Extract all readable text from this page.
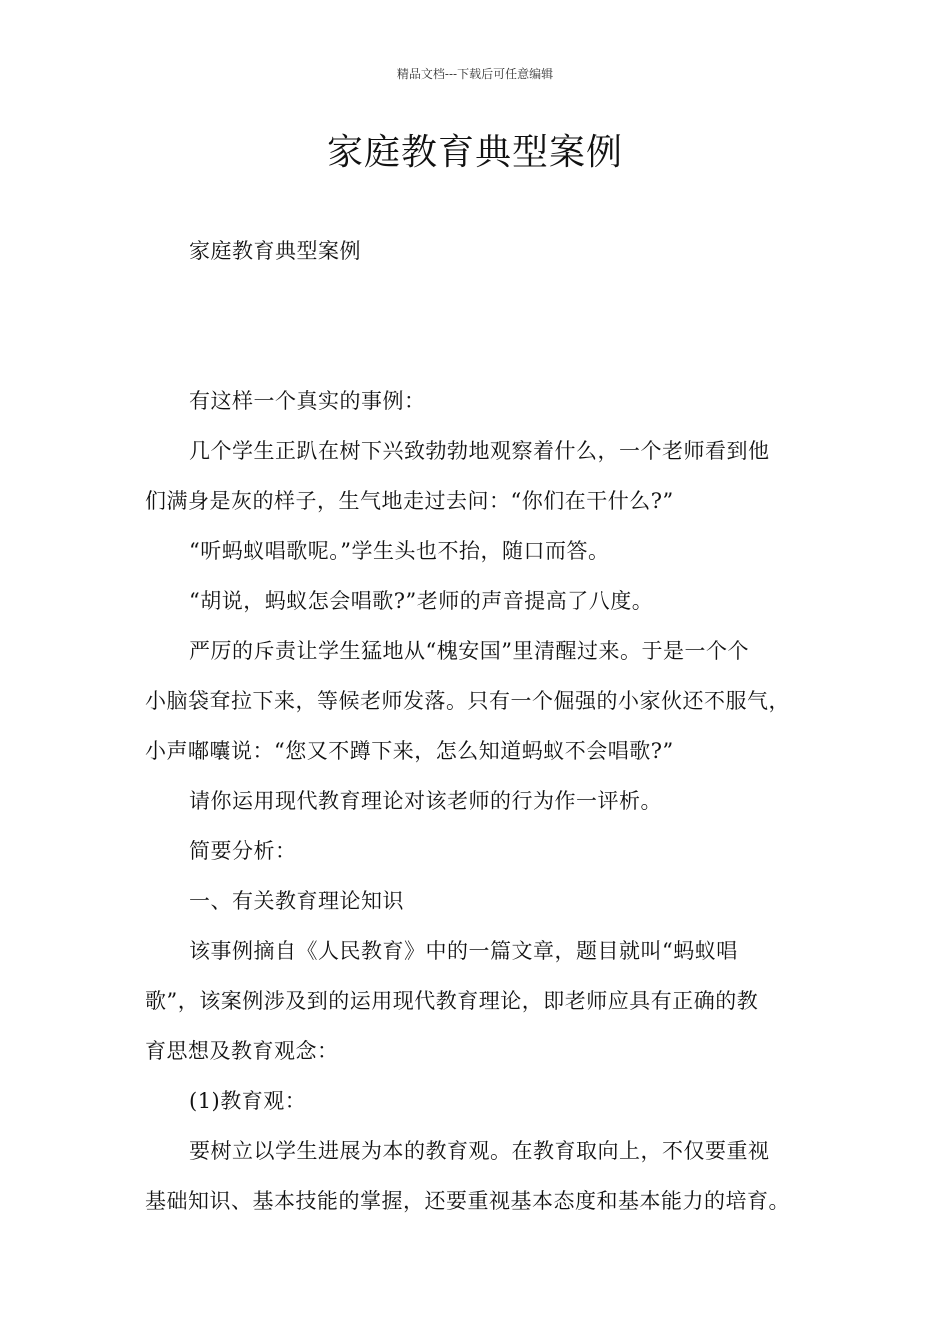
精品文档---下载后可任意编辑
家庭教育典型案例
家庭教育典型案例
有这样一个真实的事例：
几个学生正趴在树下兴致勃勃地观察着什么，一个老师看到他
们满身是灰的样子，生气地走过去问：“你们在干什么?”
“听蚂蚁唱歌呢。”学生头也不抬，随口而答。
“胡说，蚂蚁怎会唱歌?”老师的声音提高了八度。
严厉的斥责让学生猛地从“槐安国”里清醒过来。于是一个个
小脑袋耷拉下来，等候老师发落。只有一个倔强的小家伙还不服气，
小声嘟囔说：“您又不蹲下来，怎么知道蚂蚁不会唱歌?”
请你运用现代教育理论对该老师的行为作一评析。
简要分析：
一、有关教育理论知识
该事例摘自《人民教育》中的一篇文章，题目就叫“蚂蚁唱
歌”，该案例涉及到的运用现代教育理论，即老师应具有正确的教
育思想及教育观念：
(1)教育观：
要树立以学生进展为本的教育观。在教育取向上，不仅要重视
基础知识、基本技能的掌握，还要重视基本态度和基本能力的培育。
